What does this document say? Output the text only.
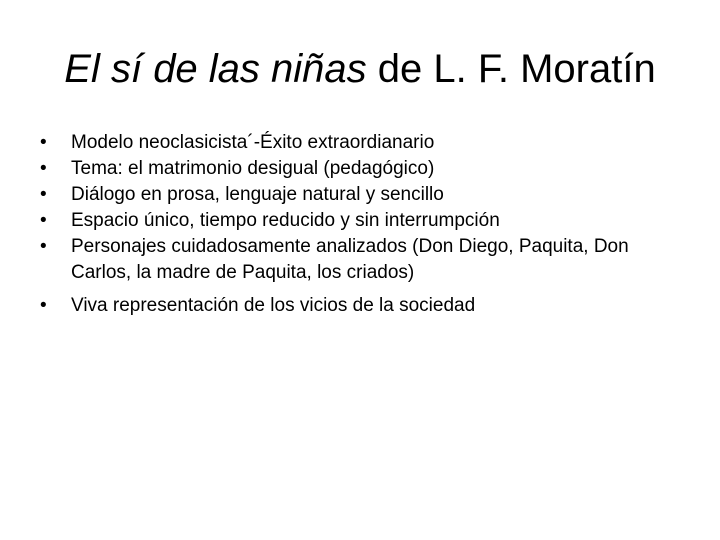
El sí de las niñas de L. F. Moratín
• Modelo neoclasicista´-Éxito extraordianario
• Tema: el matrimonio desigual (pedagógico)
• Diálogo en prosa, lenguaje natural y sencillo
• Espacio único, tiempo reducido y sin interrumpción
• Personajes cuidadosamente analizados (Don Diego, Paquita, Don Carlos, la madre de Paquita, los criados)
• Viva representación de los vicios de la sociedad
